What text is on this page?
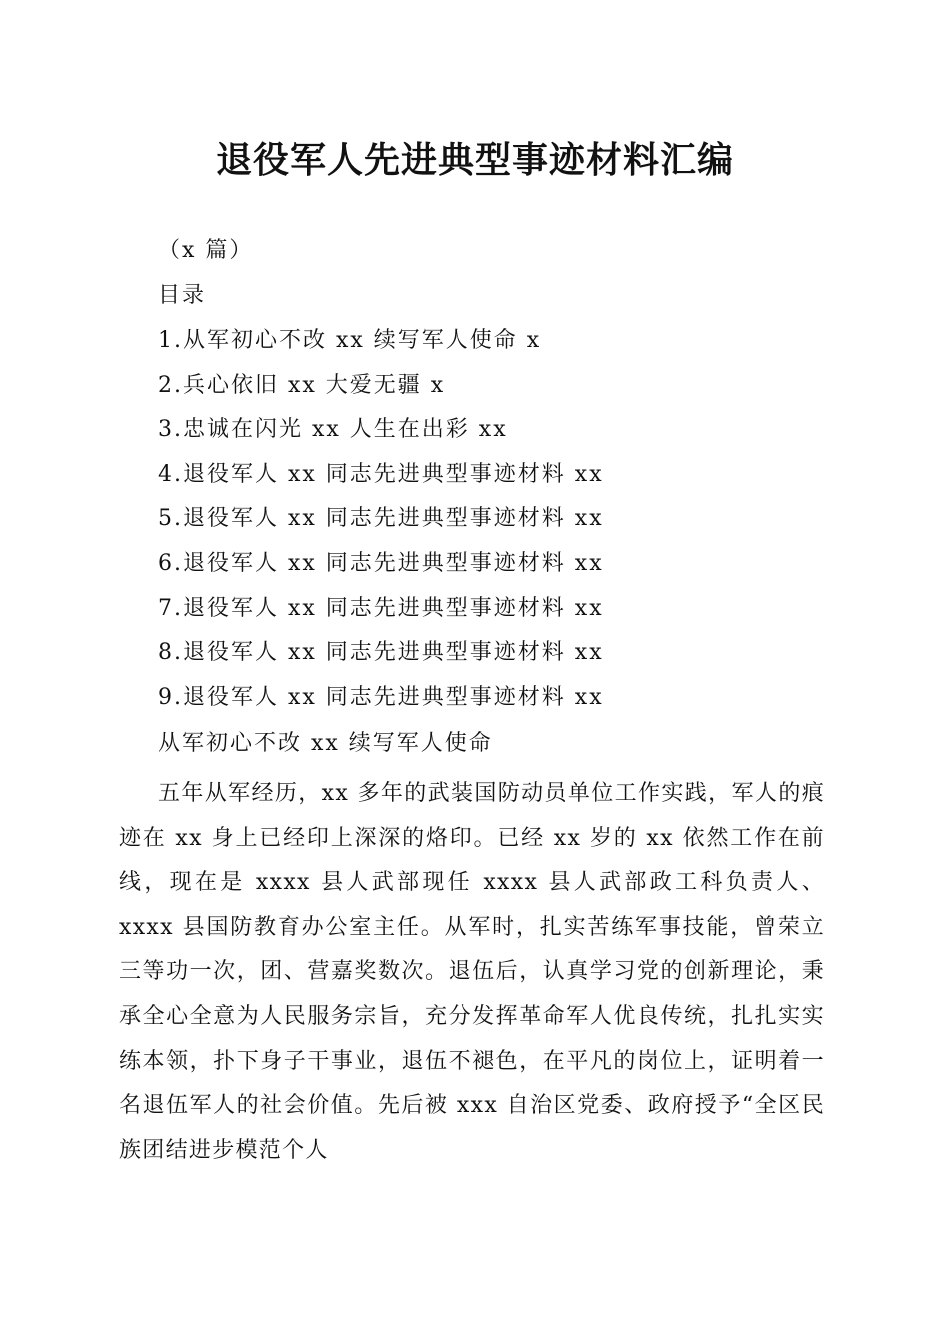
退役军人先进典型事迹材料汇编
（x 篇）
目录
1.从军初心不改 xx 续写军人使命 x
2.兵心依旧 xx 大爱无疆 x
3.忠诚在闪光 xx 人生在出彩 xx
4.退役军人 xx 同志先进典型事迹材料 xx
5.退役军人 xx 同志先进典型事迹材料 xx
6.退役军人 xx 同志先进典型事迹材料 xx
7.退役军人 xx 同志先进典型事迹材料 xx
8.退役军人 xx 同志先进典型事迹材料 xx
9.退役军人 xx 同志先进典型事迹材料 xx
从军初心不改 xx 续写军人使命

五年从军经历，xx 多年的武装国防动员单位工作实践，军人的痕迹在 xx 身上已经印上深深的烙印。已经 xx 岁的 xx 依然工作在前线，现在是 xxxx 县人武部现任 xxxx 县人武部政工科负责人、xxxx 县国防教育办公室主任。从军时，扎实苦练军事技能，曾荣立三等功一次，团、营嘉奖数次。退伍后，认真学习党的创新理论，秉承全心全意为人民服务宗旨，充分发挥革命军人优良传统，扎扎实实练本领，扑下身子干事业，退伍不褪色，在平凡的岗位上，证明着一名退伍军人的社会价值。先后被 xxx 自治区党委、政府授予“全区民族团结进步模范个人
